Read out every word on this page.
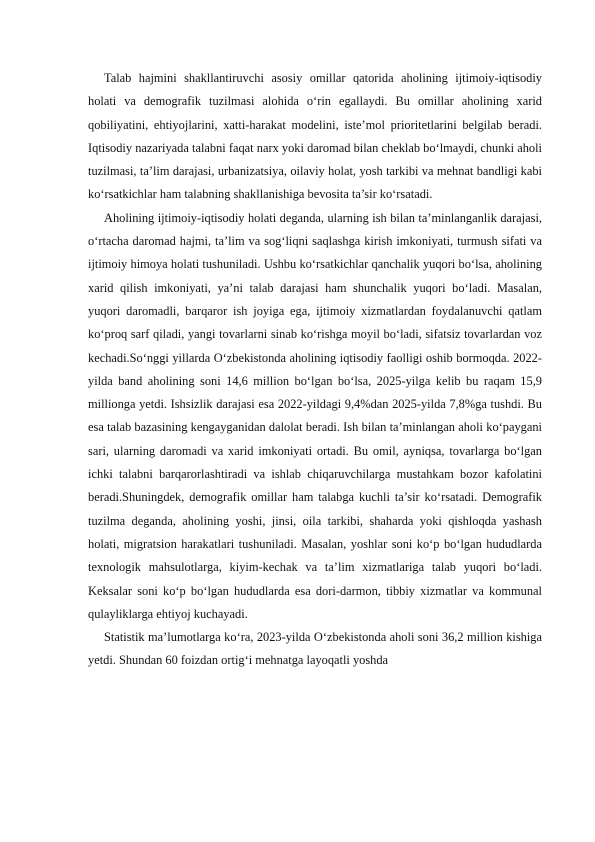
Talab hajmini shakllantiruvchi asosiy omillar qatorida aholining ijtimoiy-iqtisodiy holati va demografik tuzilmasi alohida o‘rin egallaydi. Bu omillar aholining xarid qobiliyatini, ehtiyojlarini, xatti-harakat modelini, iste’mol prioritetlarini belgilab beradi. Iqtisodiy nazariyada talabni faqat narx yoki daromad bilan cheklab bo‘lmaydi, chunki aholi tuzilmasi, ta’lim darajasi, urbanizatsiya, oilaviy holat, yosh tarkibi va mehnat bandligi kabi ko‘rsatkichlar ham talabning shakllanishiga bevosita ta’sir ko‘rsatadi.

Aholining ijtimoiy-iqtisodiy holati deganda, ularning ish bilan ta’minlanganlik darajasi, o‘rtacha daromad hajmi, ta’lim va sog‘liqni saqlashga kirish imkoniyati, turmush sifati va ijtimoiy himoya holati tushuniladi. Ushbu ko‘rsatkichlar qanchalik yuqori bo‘lsa, aholining xarid qilish imkoniyati, ya’ni talab darajasi ham shunchalik yuqori bo‘ladi. Masalan, yuqori daromadli, barqaror ish joyiga ega, ijtimoiy xizmatlardan foydalanuvchi qatlam ko‘proq sarf qiladi, yangi tovarlarni sinab ko‘rishga moyil bo‘ladi, sifatsiz tovarlardan voz kechadi.So‘nggi yillarda O‘zbekistonda aholining iqtisodiy faolligi oshib bormoqda. 2022-yilda band aholining soni 14,6 million bo‘lgan bo‘lsa, 2025-yilga kelib bu raqam 15,9 millionga yetdi. Ishsizlik darajasi esa 2022-yildagi 9,4%dan 2025-yilda 7,8%ga tushdi. Bu esa talab bazasining kengayganidan dalolat beradi. Ish bilan ta’minlangan aholi ko‘paygani sari, ularning daromadi va xarid imkoniyati ortadi. Bu omil, ayniqsa, tovarlarga bo‘lgan ichki talabni barqarorlashtiradi va ishlab chiqaruvchilarga mustahkam bozor kafolatini beradi.Shuningdek, demografik omillar ham talabga kuchli ta’sir ko‘rsatadi. Demografik tuzilma deganda, aholining yoshi, jinsi, oila tarkibi, shaharda yoki qishloqda yashash holati, migratsion harakatlari tushuniladi. Masalan, yoshlar soni ko‘p bo‘lgan hududlarda texnologik mahsulotlarga, kiyim-kechak va ta’lim xizmatlariga talab yuqori bo‘ladi. Keksalar soni ko‘p bo‘lgan hududlarda esa dori-darmon, tibbiy xizmatlar va kommunal qulayliklarga ehtiyoj kuchayadi.

Statistik ma’lumotlarga ko‘ra, 2023-yilda O‘zbekistonda aholi soni 36,2 million kishiga yetdi. Shundan 60 foizdan ortig‘i mehnatga layoqatli yoshda
